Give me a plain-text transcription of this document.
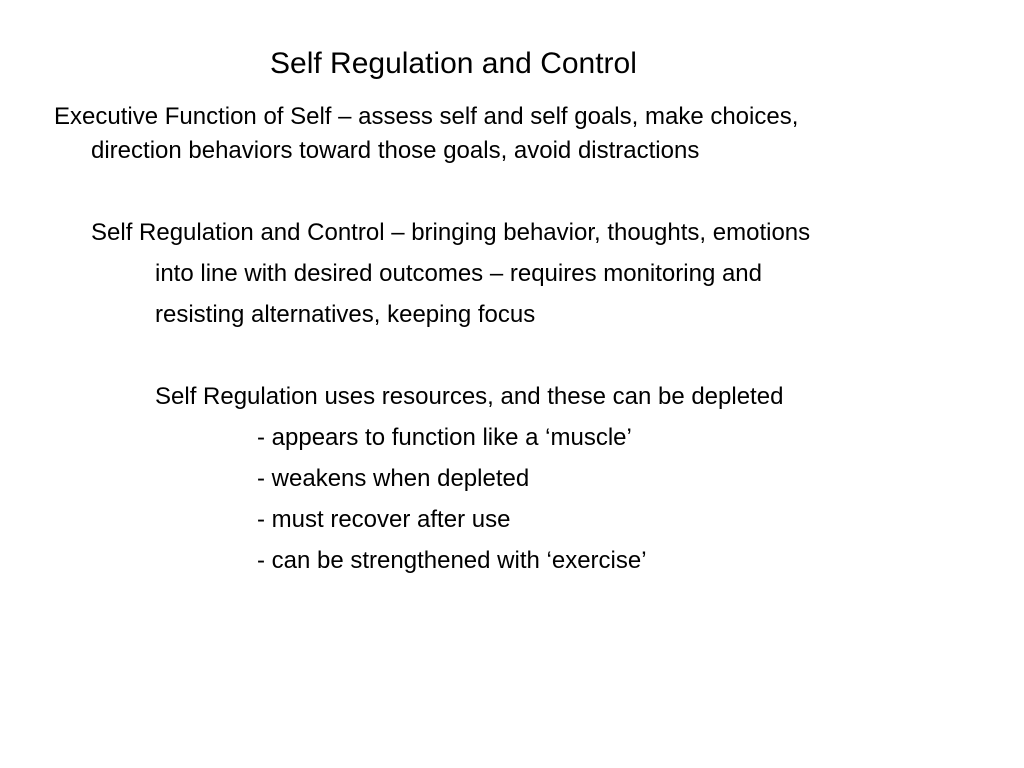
Self Regulation and Control
Executive Function of Self – assess self and self goals, make choices,
direction behaviors toward those goals, avoid distractions
Self Regulation and Control – bringing behavior, thoughts, emotions
into line with desired outcomes – requires monitoring and
resisting alternatives, keeping focus
Self Regulation uses resources, and these can be depleted
- appears to function like a ‘muscle’
- weakens when depleted
- must recover after use
- can be strengthened with ‘exercise’
